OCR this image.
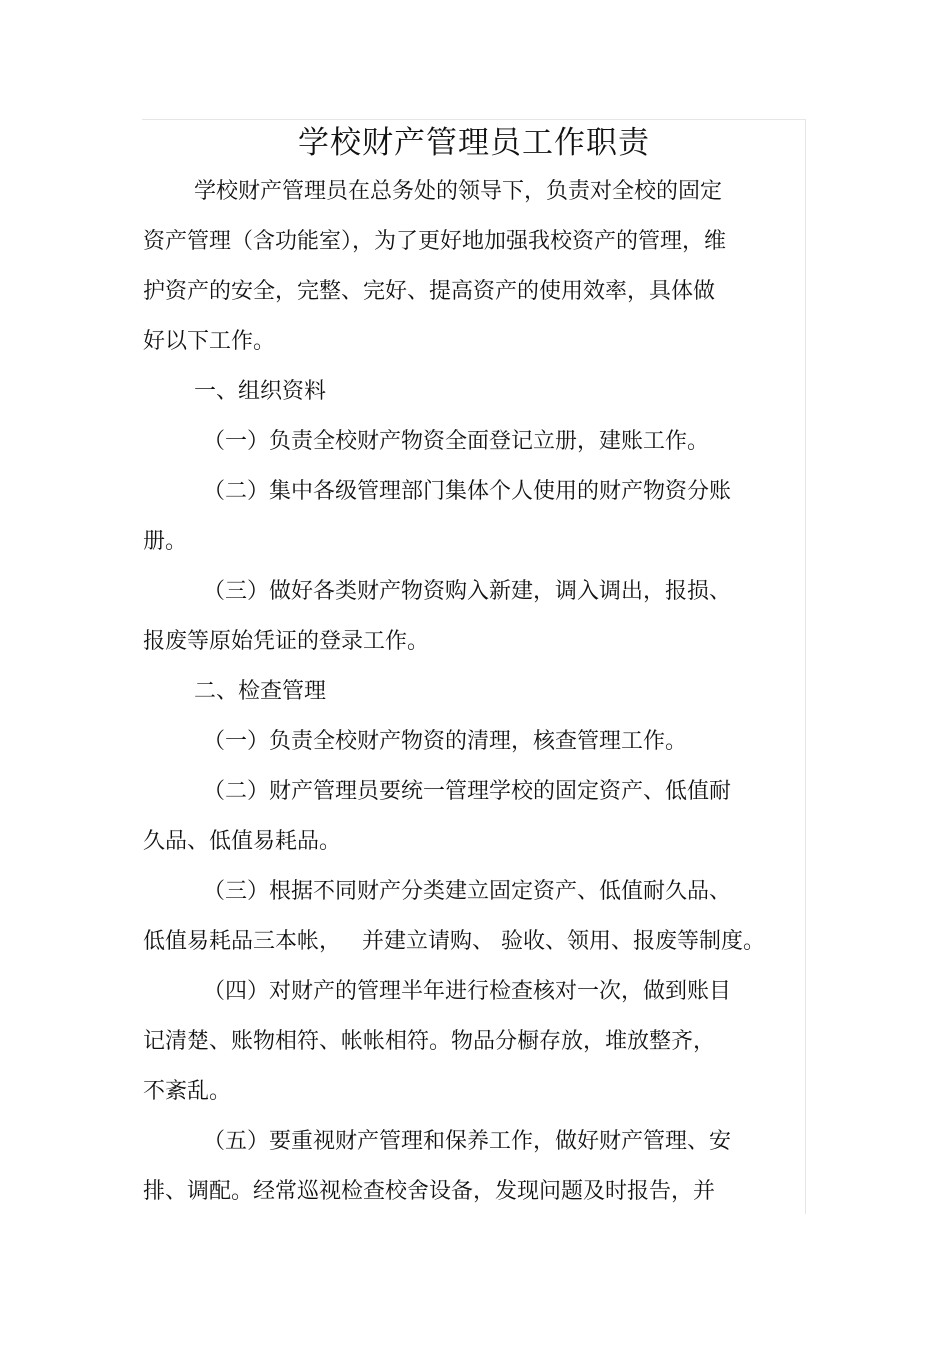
学校财产管理员工作职责
学校财产管理员在总务处的领导下，负责对全校的固定
资产管理（含功能室），为了更好地加强我校资产的管理，维
护资产的安全，完整、完好、提高资产的使用效率，具体做
好以下工作。
一、组织资料
（一）负责全校财产物资全面登记立册，建账工作。
（二）集中各级管理部门集体个人使用的财产物资分账
册。
（三）做好各类财产物资购入新建，调入调出，报损、
报废等原始凭证的登录工作。
二、检查管理
（一）负责全校财产物资的清理，核查管理工作。
（二）财产管理员要统一管理学校的固定资产、低值耐
久品、低值易耗品。
（三）根据不同财产分类建立固定资产、低值耐久品、
低值易耗品三本帐，   并建立请购、 验收、领用、报废等制度。
（四）对财产的管理半年进行检查核对一次，做到账目
记清楚、账物相符、帐帐相符。物品分橱存放，堆放整齐，
不紊乱。
（五）要重视财产管理和保养工作，做好财产管理、安
排、调配。经常巡视检查校舍设备，发现问题及时报告，并
